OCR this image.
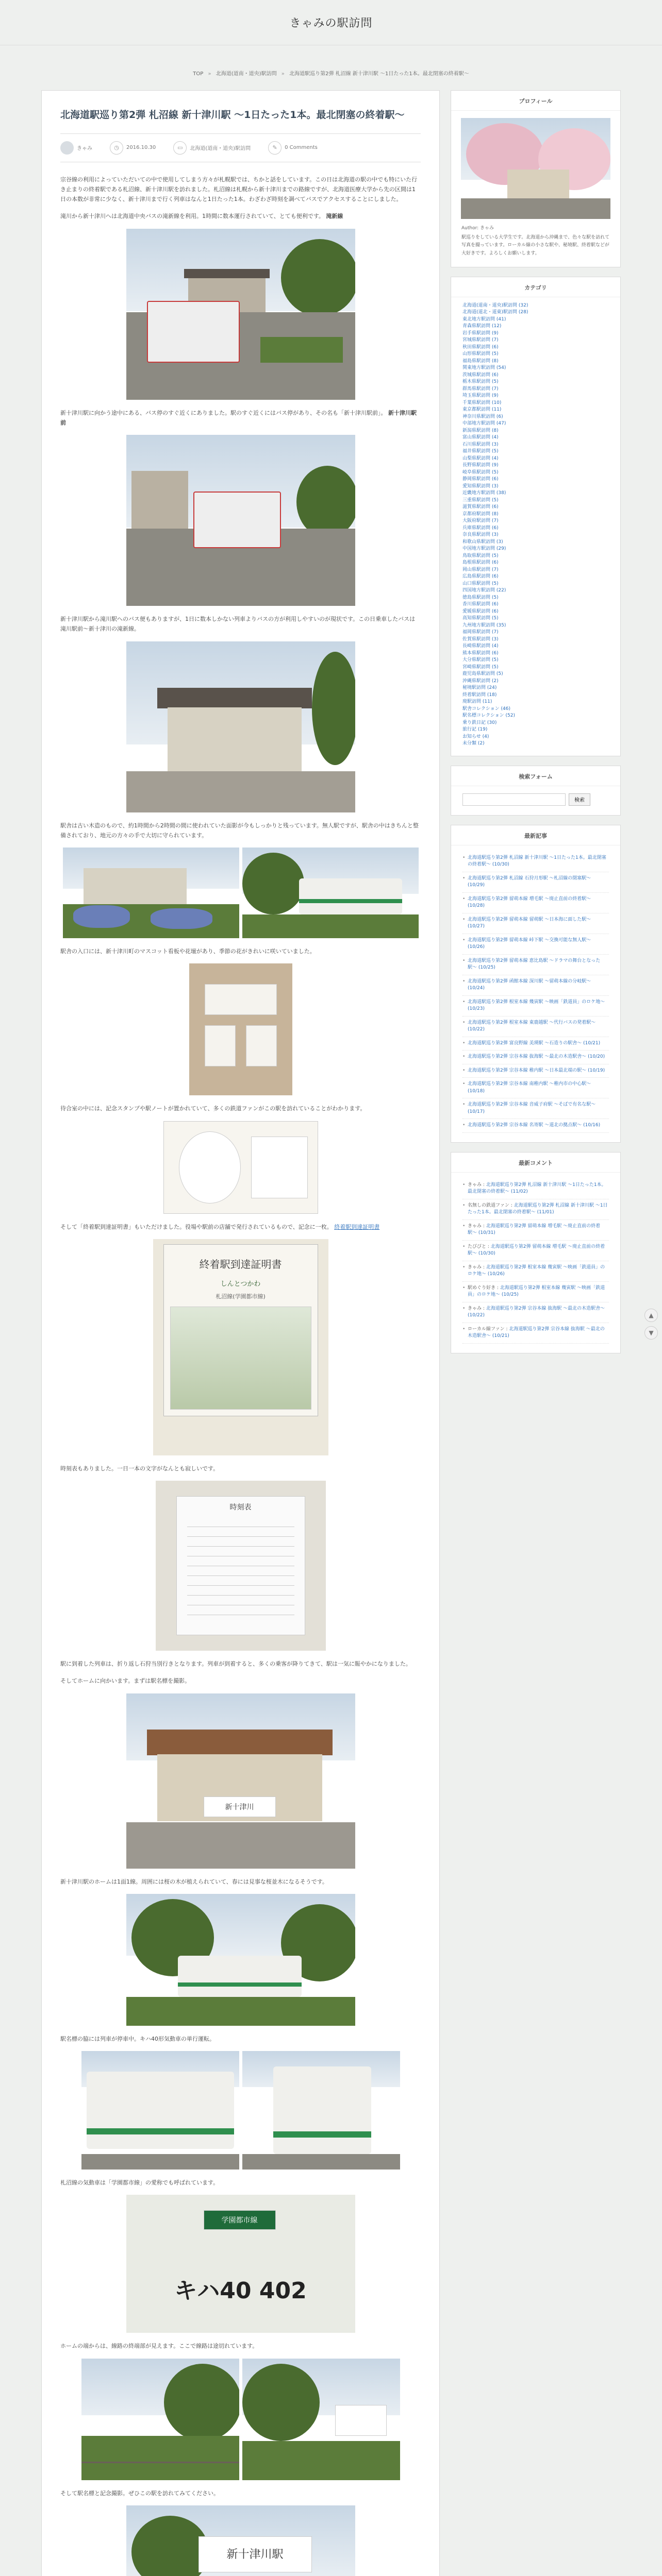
きゃみの駅訪問
TOP » 北海道(道南・道央)駅訪問 » 北海道駅巡り第2弾 札沼線 新十津川駅 〜1日たった1本。最北閉塞の終着駅〜
北海道駅巡り第2弾 札沼線 新十津川駅 〜1日たった1本。最北閉塞の終着駅〜
きゃみ	◷	2016.10.30	▭	北海道(道南・道央)駅訪問	✎	0 Comments

宗谷線の利用によっていただいての中で使用してしまう方々が札幌駅では、ちかと話をしています。この日は北海道の駅の中でも特にいた行き止まりの終着駅である札沼線、新十津川駅を訪れました。札沼線は札幌から新十津川までの路線ですが、北海道医療大学から先の区間は1日の本数が非常に少なく、新十津川まで行く列車はなんと1日たった1本。わざわざ時刻を調べてバスでアクセスすることにしました。

滝川から新十津川へは北海道中央バスの滝新線を利用。1時間に数本運行されていて、とても便利です。 滝新線

新十津川駅に向かう途中にある、バス停のすぐ近くにありました。駅のすぐ近くにはバス停があり、その名も「新十津川駅前」。 新十津川駅前

新十津川駅から滝川駅へのバス便もありますが、1日に数本しかない列車よりバスの方が利用しやすいのが現状です。この日乗車したバスは滝川駅前〜新十津川の滝新線。

駅舎は古い木造のもので、約1時間から2時間の間に使われていた面影が今もしっかりと残っています。無人駅ですが、駅舎の中はきちんと整備されており、地元の方々の手で大切に守られています。

駅舎の入口には、新十津川町のマスコット看板や花壇があり、季節の花がきれいに咲いていました。

待合室の中には、記念スタンプや駅ノートが置かれていて、多くの鉄道ファンがこの駅を訪れていることがわかります。

そして「終着駅到達証明書」もいただけました。役場や駅前の店舗で発行されているもので、記念に一枚。 終着駅到達証明書

終着駅到達証明書
しんとつかわ
札沼線(学園都市線)

時刻表もありました。一日一本の文字がなんとも寂しいです。

時刻表

駅に到着した列車は、折り返し石狩当別行きとなります。列車が到着すると、多くの乗客が降りてきて、駅は一気に賑やかになりました。

そしてホームに向かいます。まずは駅名標を撮影。

新十津川

新十津川駅のホームは1面1線。周囲には桜の木が植えられていて、春には見事な桜並木になるそうです。

駅名標の脇には列車が停車中。キハ40形気動車の単行運転。

札沼線の気動車は「学園都市線」の愛称でも呼ばれています。

学園都市線
キハ40 402

ホームの端からは、線路の終端部が見えます。ここで線路は途切れています。

そして駅名標と記念撮影。ぜひこの駅を訪れてみてください。

新十津川駅
プロフィール
Author: きゃみ

駅巡りをしている大学生です。北海道から沖縄まで、色々な駅を訪れて写真を撮っています。ローカル線の小さな駅や、秘境駅、終着駅などが大好きです。よろしくお願いします。

カテゴリ
北海道(道南・道央)駅訪問 (32)
北海道(道北・道東)駅訪問 (28)
東北地方駅訪問 (41)
青森県駅訪問 (12)
岩手県駅訪問 (9)
宮城県駅訪問 (7)
秋田県駅訪問 (6)
山形県駅訪問 (5)
福島県駅訪問 (8)
関東地方駅訪問 (54)
茨城県駅訪問 (6)
栃木県駅訪問 (5)
群馬県駅訪問 (7)
埼玉県駅訪問 (9)
千葉県駅訪問 (10)
東京都駅訪問 (11)
神奈川県駅訪問 (6)
中部地方駅訪問 (47)
新潟県駅訪問 (8)
富山県駅訪問 (4)
石川県駅訪問 (3)
福井県駅訪問 (5)
山梨県駅訪問 (4)
長野県駅訪問 (9)
岐阜県駅訪問 (5)
静岡県駅訪問 (6)
愛知県駅訪問 (3)
近畿地方駅訪問 (38)
三重県駅訪問 (5)
滋賀県駅訪問 (6)
京都府駅訪問 (8)
大阪府駅訪問 (7)
兵庫県駅訪問 (6)
奈良県駅訪問 (3)
和歌山県駅訪問 (3)
中国地方駅訪問 (29)
鳥取県駅訪問 (5)
島根県駅訪問 (6)
岡山県駅訪問 (7)
広島県駅訪問 (6)
山口県駅訪問 (5)
四国地方駅訪問 (22)
徳島県駅訪問 (5)
香川県駅訪問 (6)
愛媛県駅訪問 (6)
高知県駅訪問 (5)
九州地方駅訪問 (35)
福岡県駅訪問 (7)
佐賀県駅訪問 (3)
長崎県駅訪問 (4)
熊本県駅訪問 (6)
大分県駅訪問 (5)
宮崎県駅訪問 (5)
鹿児島県駅訪問 (5)
沖縄県駅訪問 (2)
秘境駅訪問 (24)
終着駅訪問 (18)
廃駅訪問 (11)
駅舎コレクション (46)
駅名標コレクション (52)
乗り鉄日記 (30)
旅行記 (19)
お知らせ (4)
未分類 (2)
検索フォーム
検索
最新記事
• 北海道駅巡り第2弾 札沼線 新十津川駅 〜1日たった1本。最北閉塞の終着駅〜 (10/30)
• 北海道駅巡り第2弾 札沼線 石狩月形駅 〜札沼線の閉塞駅〜 (10/29)
• 北海道駅巡り第2弾 留萌本線 増毛駅 〜廃止直前の終着駅〜 (10/28)
• 北海道駅巡り第2弾 留萌本線 留萌駅 〜日本海に面した駅〜 (10/27)
• 北海道駅巡り第2弾 留萌本線 峠下駅 〜交換可能な無人駅〜 (10/26)
• 北海道駅巡り第2弾 留萌本線 恵比島駅 〜ドラマの舞台となった駅〜 (10/25)
• 北海道駅巡り第2弾 函館本線 深川駅 〜留萌本線の分岐駅〜 (10/24)
• 北海道駅巡り第2弾 根室本線 幾寅駅 〜映画「鉄道員」のロケ地〜 (10/23)
• 北海道駅巡り第2弾 根室本線 東鹿越駅 〜代行バスの発着駅〜 (10/22)
• 北海道駅巡り第2弾 富良野線 美瑛駅 〜石造りの駅舎〜 (10/21)
• 北海道駅巡り第2弾 宗谷本線 抜海駅 〜最北の木造駅舎〜 (10/20)
• 北海道駅巡り第2弾 宗谷本線 稚内駅 〜日本最北端の駅〜 (10/19)
• 北海道駅巡り第2弾 宗谷本線 南稚内駅 〜稚内市の中心駅〜 (10/18)
• 北海道駅巡り第2弾 宗谷本線 音威子府駅 〜そばで有名な駅〜 (10/17)
• 北海道駅巡り第2弾 宗谷本線 名寄駅 〜道北の拠点駅〜 (10/16)
最新コメント
• きゃみ : 北海道駅巡り第2弾 札沼線 新十津川駅 〜1日たった1本。最北閉塞の終着駅〜 (11/02)
• 名無しの鉄道ファン : 北海道駅巡り第2弾 札沼線 新十津川駅 〜1日たった1本。最北閉塞の終着駅〜 (11/01)
• きゃみ : 北海道駅巡り第2弾 留萌本線 増毛駅 〜廃止直前の終着駅〜 (10/31)
• たびびと : 北海道駅巡り第2弾 留萌本線 増毛駅 〜廃止直前の終着駅〜 (10/30)
• きゃみ : 北海道駅巡り第2弾 根室本線 幾寅駅 〜映画「鉄道員」のロケ地〜 (10/26)
• 駅めぐり好き : 北海道駅巡り第2弾 根室本線 幾寅駅 〜映画「鉄道員」のロケ地〜 (10/25)
• きゃみ : 北海道駅巡り第2弾 宗谷本線 抜海駅 〜最北の木造駅舎〜 (10/22)
• ローカル線ファン : 北海道駅巡り第2弾 宗谷本線 抜海駅 〜最北の木造駅舎〜 (10/21)
▲
▼
